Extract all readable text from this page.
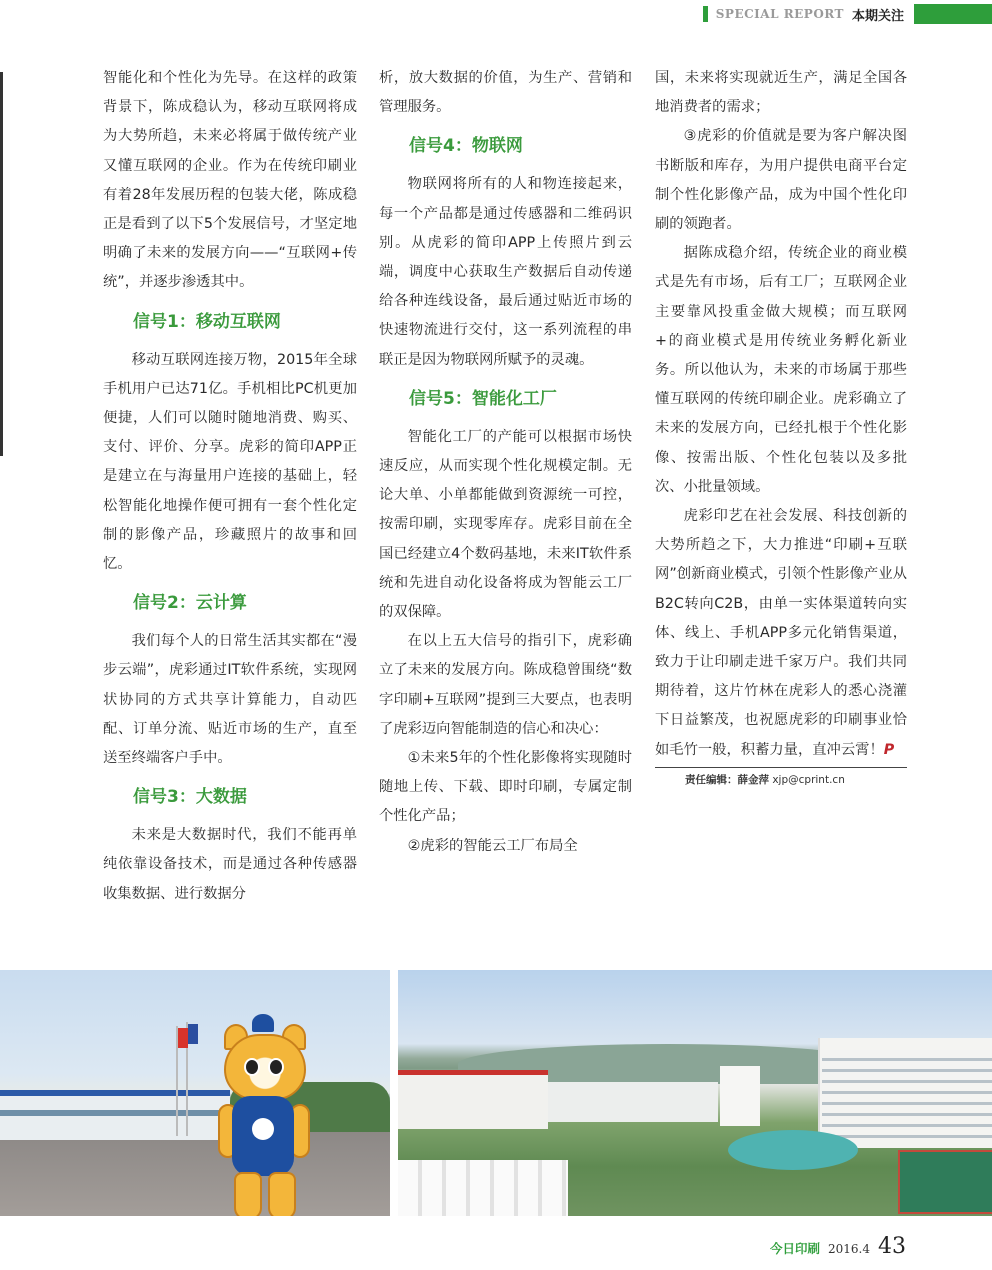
SPECIAL REPORT 本期关注

智能化和个性化为先导。在这样的政策背景下，陈成稳认为，移动互联网将成为大势所趋，未来必将属于做传统产业又懂互联网的企业。作为在传统印刷业有着28年发展历程的包装大佬，陈成稳正是看到了以下5个发展信号，才坚定地明确了未来的发展方向——“互联网+传统”，并逐步渗透其中。

信号1：移动互联网

移动互联网连接万物，2015年全球手机用户已达71亿。手机相比PC机更加便捷，人们可以随时随地消费、购买、支付、评价、分享。虎彩的简印APP正是建立在与海量用户连接的基础上，轻松智能化地操作便可拥有一套个性化定制的影像产品，珍藏照片的故事和回忆。

信号2：云计算

我们每个人的日常生活其实都在“漫步云端”，虎彩通过IT软件系统，实现网状协同的方式共享计算能力，自动匹配、订单分流、贴近市场的生产，直至送至终端客户手中。

信号3：大数据

未来是大数据时代，我们不能再单纯依靠设备技术，而是通过各种传感器收集数据、进行数据分

析，放大数据的价值，为生产、营销和管理服务。

信号4：物联网

物联网将所有的人和物连接起来，每一个产品都是通过传感器和二维码识别。从虎彩的简印APP上传照片到云端，调度中心获取生产数据后自动传递给各种连线设备，最后通过贴近市场的快速物流进行交付，这一系列流程的串联正是因为物联网所赋予的灵魂。

信号5：智能化工厂

智能化工厂的产能可以根据市场快速反应，从而实现个性化规模定制。无论大单、小单都能做到资源统一可控，按需印刷，实现零库存。虎彩目前在全国已经建立4个数码基地，未来IT软件系统和先进自动化设备将成为智能云工厂的双保障。

在以上五大信号的指引下，虎彩确立了未来的发展方向。陈成稳曾围绕“数字印刷+互联网”提到三大要点，也表明了虎彩迈向智能制造的信心和决心：

①未来5年的个性化影像将实现随时随地上传、下载、即时印刷，专属定制个性化产品；

②虎彩的智能云工厂布局全

国，未来将实现就近生产，满足全国各地消费者的需求；

③虎彩的价值就是要为客户解决图书断版和库存，为用户提供电商平台定制个性化影像产品，成为中国个性化印刷的领跑者。

据陈成稳介绍，传统企业的商业模式是先有市场，后有工厂；互联网企业主要靠风投重金做大规模；而互联网+的商业模式是用传统业务孵化新业务。所以他认为，未来的市场属于那些懂互联网的传统印刷企业。虎彩确立了未来的发展方向，已经扎根于个性化影像、按需出版、个性化包装以及多批次、小批量领域。

虎彩印艺在社会发展、科技创新的大势所趋之下，大力推进“印刷+互联网”创新商业模式，引领个性影像产业从B2C转向C2B，由单一实体渠道转向实体、线上、手机APP多元化销售渠道，致力于让印刷走进千家万户。我们共同期待着，这片竹林在虎彩人的悉心浇灌下日益繁茂，也祝愿虎彩的印刷事业恰如毛竹一般，积蓄力量，直冲云霄！P

责任编辑：薛金萍 xjp@cprint.cn
今日印刷 2016.4 43
